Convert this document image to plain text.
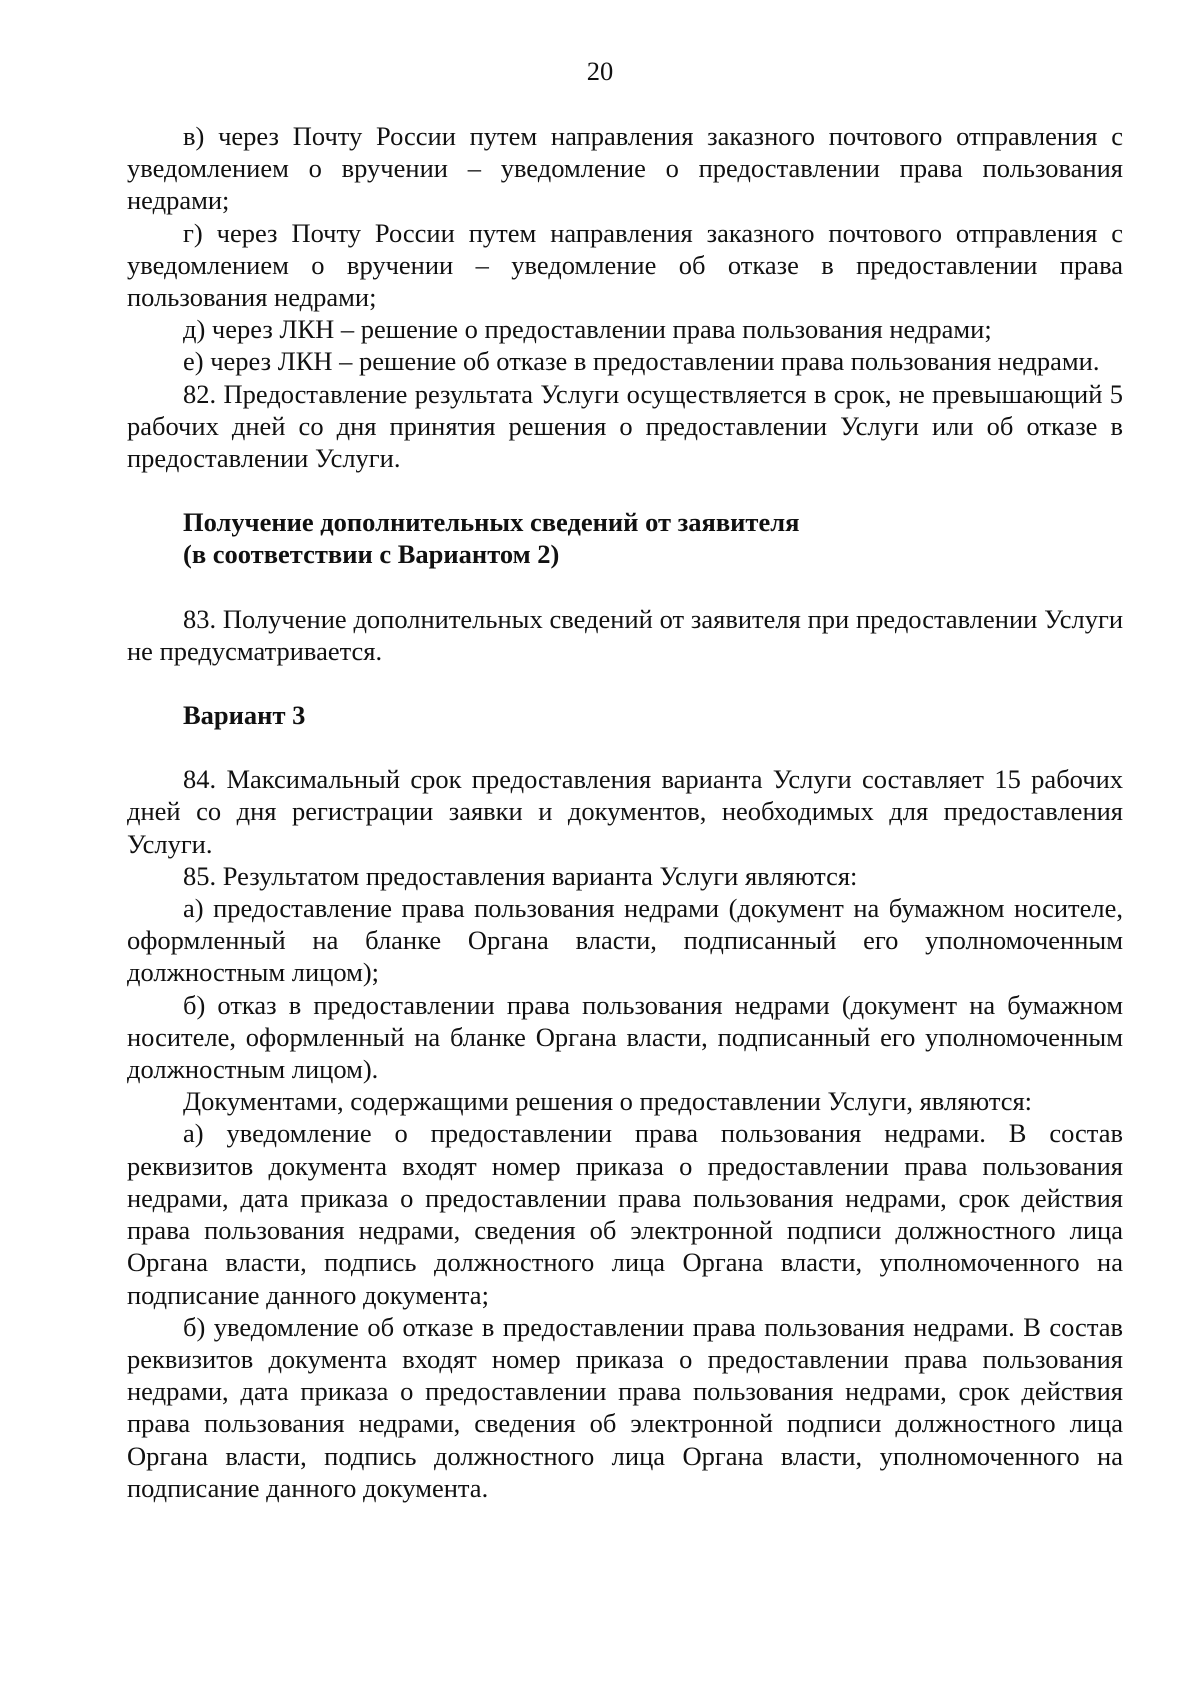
20

в) через Почту России путем направления заказного почтового отправления с уведомлением о вручении – уведомление о предоставлении права пользования недрами;

г) через Почту России путем направления заказного почтового отправления с уведомлением о вручении – уведомление об отказе в предоставлении права пользования недрами;

д) через ЛКН – решение о предоставлении права пользования недрами;

е) через ЛКН – решение об отказе в предоставлении права пользования недрами.

82. Предоставление результата Услуги осуществляется в срок, не превышающий 5 рабочих дней со дня принятия решения о предоставлении Услуги или об отказе в предоставлении Услуги.

Получение дополнительных сведений от заявителя
(в соответствии с Вариантом 2)

83. Получение дополнительных сведений от заявителя при предоставлении Услуги не предусматривается.

Вариант 3

84. Максимальный срок предоставления варианта Услуги составляет 15 рабочих дней со дня регистрации заявки и документов, необходимых для предоставления Услуги.

85. Результатом предоставления варианта Услуги являются:

а) предоставление права пользования недрами (документ на бумажном носителе, оформленный на бланке Органа власти, подписанный его уполномоченным должностным лицом);

б) отказ в предоставлении права пользования недрами (документ на бумажном носителе, оформленный на бланке Органа власти, подписанный его уполномоченным должностным лицом).

Документами, содержащими решения о предоставлении Услуги, являются:

а) уведомление о предоставлении права пользования недрами. В состав реквизитов документа входят номер приказа о предоставлении права пользования недрами, дата приказа о предоставлении права пользования недрами, срок действия права пользования недрами, сведения об электронной подписи должностного лица Органа власти, подпись должностного лица Органа власти, уполномоченного на подписание данного документа;

б) уведомление об отказе в предоставлении права пользования недрами. В состав реквизитов документа входят номер приказа о предоставлении права пользования недрами, дата приказа о предоставлении права пользования недрами, срок действия права пользования недрами, сведения об электронной подписи должностного лица Органа власти, подпись должностного лица Органа власти, уполномоченного на подписание данного документа.
